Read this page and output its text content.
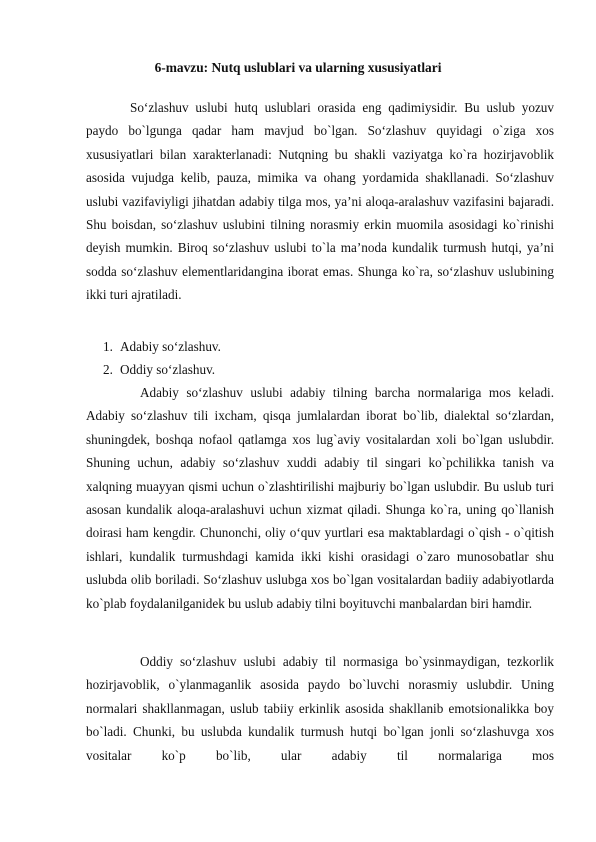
6-mavzu: Nutq uslublari va ularning xususiyatlari

So‘zlashuv uslubi hutq uslublari orasida eng qadimiysidir. Bu uslub yozuv paydo bo`lgunga qadar ham mavjud bo`lgan. So‘zlashuv quyidagi o`ziga xos xususiyatlari bilan xarakterlanadi: Nutqning bu shakli vaziyatga ko`ra hozirjavoblik asosida vujudga kelib, pauza, mimika va ohang yordamida shakllanadi. So‘zlashuv uslubi vazifaviyligi jihatdan adabiy tilga mos, ya’ni aloqa-aralashuv vazifasini bajaradi. Shu boisdan, so‘zlashuv uslubini tilning norasmiy erkin muomila asosidagi ko`rinishi deyish mumkin. Biroq so‘zlashuv uslubi to`la ma’noda kundalik turmush hutqi, ya’ni sodda so‘zlashuv elementlaridangina iborat emas. Shunga ko`ra, so‘zlashuv uslubining ikki turi ajratiladi.

1. Adabiy so‘zlashuv.
2. Oddiy so‘zlashuv.

Adabiy so‘zlashuv uslubi adabiy tilning barcha normalariga mos keladi. Adabiy so‘zlashuv tili ixcham, qisqa jumlalardan iborat bo`lib, dialektal so‘zlardan, shuningdek, boshqa nofaol qatlamga xos lug`aviy vositalardan xoli bo`lgan uslubdir. Shuning uchun, adabiy so‘zlashuv xuddi adabiy til singari ko`pchilikka tanish va xalqning muayyan qismi uchun o`zlashtirilishi majburiy bo`lgan uslubdir. Bu uslub turi asosan kundalik aloqa-aralashuvi uchun xizmat qiladi. Shunga ko`ra, uning qo`llanish doirasi ham kengdir. Chunonchi, oliy o‘quv yurtlari esa maktablardagi o`qish - o`qitish ishlari, kundalik turmushdagi kamida ikki kishi orasidagi o`zaro munosobatlar shu uslubda olib boriladi. So‘zlashuv uslubga xos bo`lgan vositalardan badiiy adabiyotlarda ko`plab foydalanilganidek bu uslub adabiy tilni boyituvchi manbalardan biri hamdir.

Oddiy so‘zlashuv uslubi adabiy til normasiga bo`ysinmaydigan, tezkorlik hozirjavoblik, o`ylanmaganlik asosida paydo bo`luvchi norasmiy uslubdir. Uning normalari shakllanmagan, uslub tabiiy erkinlik asosida shakllanib emotsionalikka boy bo`ladi. Chunki, bu uslubda kundalik turmush hutqi bo`lgan jonli so‘zlashuvga xos vositalar ko`p bo`lib, ular adabiy til normalariga mos
